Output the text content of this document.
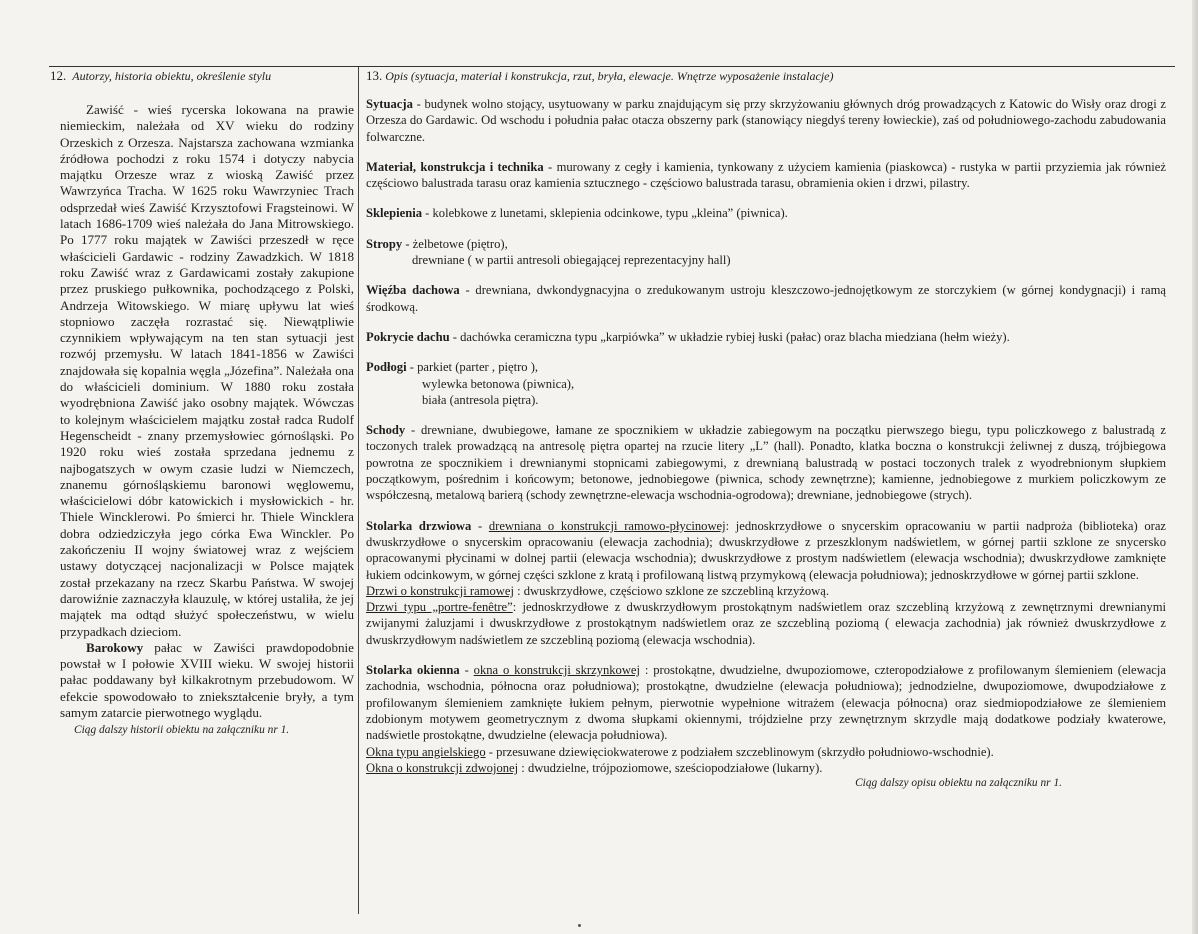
12. Autorzy, historia obiektu, określenie stylu

Zawiść - wieś rycerska lokowana na prawie niemieckim, należała od XV wieku do rodziny Orzeskich z Orzesza. Najstarsza zachowana wzmianka źródłowa pochodzi z roku 1574 i dotyczy nabycia majątku Orzesze wraz z wioską Zawiść przez Wawrzyńca Tracha. W 1625 roku Wawrzyniec Trach odsprzedał wieś Zawiść Krzysztofowi Fragsteinowi. W latach 1686-1709 wieś należała do Jana Mitrowskiego. Po 1777 roku majątek w Zawiści przeszedł w ręce właścicieli Gardawic - rodziny Zawadzkich. W 1818 roku Zawiść wraz z Gardawicami zostały zakupione przez pruskiego pułkownika, pochodzącego z Polski, Andrzeja Witowskiego. W miarę upływu lat wieś stopniowo zaczęła rozrastać się. Niewątpliwie czynnikiem wpływającym na ten stan sytuacji jest rozwój przemysłu. W latach 1841-1856 w Zawiści znajdowała się kopalnia węgla „Józefina”. Należała ona do właścicieli dominium. W 1880 roku została wyodrębniona Zawiść jako osobny majątek. Wówczas to kolejnym właścicielem majątku został radca Rudolf Hegenscheidt - znany przemysłowiec górnośląski. Po 1920 roku wieś została sprzedana jednemu z najbogatszych w owym czasie ludzi w Niemczech, znanemu górnośląskiemu baronowi węglowemu, właścicielowi dóbr katowickich i mysłowickich - hr. Thiele Wincklerowi. Po śmierci hr. Thiele Wincklera dobra odziedziczyła jego córka Ewa Winckler. Po zakończeniu II wojny światowej wraz z wejściem ustawy dotyczącej nacjonalizacji w Polsce majątek został przekazany na rzecz Skarbu Państwa. W swojej darowiźnie zaznaczyła klauzulę, w której ustaliła, że jej majątek ma odtąd służyć społeczeństwu, w wielu przypadkach dzieciom.

Barokowy pałac w Zawiści prawdopodobnie powstał w I połowie XVIII wieku. W swojej historii pałac poddawany był kilkakrotnym przebudowom. W efekcie spowodowało to zniekształcenie bryły, a tym samym zatarcie pierwotnego wyglądu.

Ciąg dalszy historii obiektu na załączniku nr 1.
13. Opis (sytuacja, materiał i konstrukcja, rzut, bryła, elewacje. Wnętrze wyposażenie instalacje)

Sytuacja - budynek wolno stojący, usytuowany w parku znajdującym się przy skrzyżowaniu głównych dróg prowadzących z Katowic do Wisły oraz drogi z Orzesza do Gardawic. Od wschodu i południa pałac otacza obszerny park (stanowiący niegdyś tereny łowieckie), zaś od południowego-zachodu zabudowania folwarczne.

Materiał, konstrukcja i technika - murowany z cegły i kamienia, tynkowany z użyciem kamienia (piaskowca) - rustyka w partii przyziemia jak również częściowo balustrada tarasu oraz kamienia sztucznego - częściowo balustrada tarasu, obramienia okien i drzwi, pilastry.

Sklepienia - kolebkowe z lunetami, sklepienia odcinkowe, typu „kleina” (piwnica).

Stropy - żelbetowe (piętro),

drewniane ( w partii antresoli obiegającej reprezentacyjny hall)

Więźba dachowa - drewniana, dwkondygnacyjna o zredukowanym ustroju kleszczowo-jednojętkowym ze storczykiem (w górnej kondygnacji) i ramą środkową.

Pokrycie dachu - dachówka ceramiczna typu „karpiówka” w układzie rybiej łuski (pałac) oraz blacha miedziana (hełm wieży).

Podłogi - parkiet (parter , piętro ),

wylewka betonowa (piwnica),

biała (antresola piętra).

Schody - drewniane, dwubiegowe, łamane ze spocznikiem w układzie zabiegowym na początku pierwszego biegu, typu policzkowego z balustradą z toczonych tralek prowadzącą na antresolę piętra opartej na rzucie litery „L” (hall). Ponadto, klatka boczna o konstrukcji żeliwnej z duszą, trójbiegowa powrotna ze spocznikiem i drewnianymi stopnicami zabiegowymi, z drewnianą balustradą w postaci toczonych tralek z wyodrebnionym słupkiem początkowym, pośrednim i końcowym; betonowe, jednobiegowe (piwnica, schody zewnętrzne); kamienne, jednobiegowe z murkiem policzkowym ze współczesną, metalową barierą (schody zewnętrzne-elewacja wschodnia-ogrodowa); drewniane, jednobiegowe (strych).

Stolarka drzwiowa - drewniana o konstrukcji ramowo-płycinowej: jednoskrzydłowe o snycerskim opracowaniu w partii nadproża (biblioteka) oraz dwuskrzydłowe o snycerskim opracowaniu (elewacja zachodnia); dwuskrzydłowe z przeszklonym nadświetlem, w górnej partii szklone ze snycersko opracowanymi płycinami w dolnej partii (elewacja wschodnia); dwuskrzydłowe z prostym nadświetlem (elewacja wschodnia); dwuskrzydłowe zamknięte łukiem odcinkowym, w górnej części szklone z kratą i profilowaną listwą przymykową (elewacja południowa); jednoskrzydłowe w górnej partii szklone.

Drzwi o konstrukcji ramowej : dwuskrzydłowe, częściowo szklone ze szczebliną krzyżową.

Drzwi typu „portre-fenêtre”: jednoskrzydłowe z dwuskrzydłowym prostokątnym nadświetlem oraz szczebliną krzyżową z zewnętrznymi drewnianymi zwijanymi żaluzjami i dwuskrzydłowe z prostokątnym nadświetlem oraz ze szczebliną poziomą ( elewacja zachodnia) jak również dwuskrzydłowe z dwuskrzydłowym nadświetlem ze szczebliną poziomą (elewacja wschodnia).

Stolarka okienna - okna o konstrukcji skrzynkowej : prostokątne, dwudzielne, dwupoziomowe, czteropodziałowe z profilowanym ślemieniem (elewacja zachodnia, wschodnia, północna oraz południowa); prostokątne, dwudzielne (elewacja południowa); jednodzielne, dwupoziomowe, dwupodziałowe z profilowanym ślemieniem zamknięte łukiem pełnym, pierwotnie wypełnione witrażem (elewacja północna) oraz siedmiopodziałowe ze ślemieniem zdobionym motywem geometrycznym z dwoma słupkami okiennymi, trójdzielne przy zewnętrznym skrzydle mają dodatkowe podziały kwaterowe, nadświetle prostokątne, dwudzielne (elewacja południowa).

Okna typu angielskiego - przesuwane dziewięciokwaterowe z podziałem szczeblinowym (skrzydło południowo-wschodnie).

Okna o konstrukcji zdwojonej : dwudzielne, trójpoziomowe, sześciopodziałowe (lukarny).

Ciąg dalszy opisu obiektu na załączniku nr 1.
